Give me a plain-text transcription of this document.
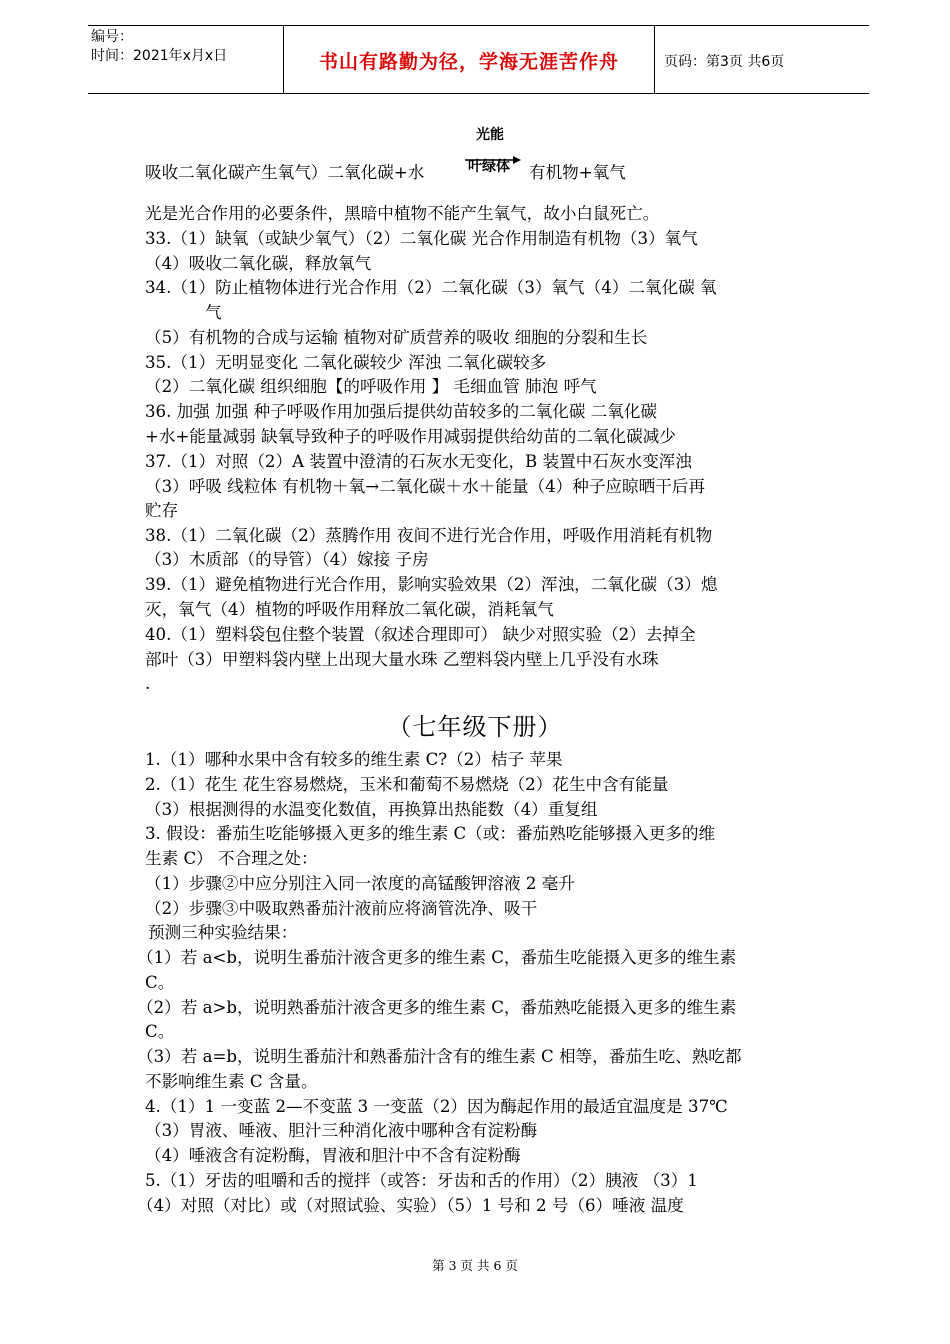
编号：
时间：2021年x月x日	书山有路勤为径，学海无涯苦作舟	页码：第3页 共6页
吸收二氧化碳产生氧气）二氧化碳+水
光能
叶绿体 有机物+氧气
光是光合作用的必要条件，黑暗中植物不能产生氧气，故小白鼠死亡。
33.（1）缺氧（或缺少氧气）（2）二氧化碳 光合作用制造有机物（3）氧气
（4）吸收二氧化碳，释放氧气
34.（1）防止植物体进行光合作用（2）二氧化碳（3）氧气（4）二氧化碳 氧
气
（5）有机物的合成与运输 植物对矿质营养的吸收 细胞的分裂和生长
35.（1）无明显变化 二氧化碳较少 浑浊 二氧化碳较多
（2）二氧化碳 组织细胞【的呼吸作用 】 毛细血管 肺泡 呼气
36. 加强 加强 种子呼吸作用加强后提供幼苗较多的二氧化碳 二氧化碳
+水+能量减弱 缺氧导致种子的呼吸作用减弱提供给幼苗的二氧化碳减少
37.（1）对照（2）A 装置中澄清的石灰水无变化，B 装置中石灰水变浑浊
（3）呼吸 线粒体 有机物＋氧→二氧化碳＋水＋能量（4）种子应晾晒干后再
贮存
38.（1）二氧化碳（2）蒸腾作用 夜间不进行光合作用，呼吸作用消耗有机物
（3）木质部（的导管）（4）嫁接 子房
39.（1）避免植物进行光合作用，影响实验效果（2）浑浊，二氧化碳（3）熄
灭，氧气（4）植物的呼吸作用释放二氧化碳，消耗氧气
40.（1）塑料袋包住整个装置（叙述合理即可） 缺少对照实验（2）去掉全
部叶（3）甲塑料袋内壁上出现大量水珠 乙塑料袋内壁上几乎没有水珠
.
（七年级下册）
1.（1）哪种水果中含有较多的维生素 C?（2）桔子 苹果
2.（1）花生 花生容易燃烧，玉米和葡萄不易燃烧（2）花生中含有能量
（3）根据测得的水温变化数值，再换算出热能数（4）重复组
3. 假设：番茄生吃能够摄入更多的维生素 C（或：番茄熟吃能够摄入更多的维
生素 C） 不合理之处：
（1）步骤②中应分别注入同一浓度的高锰酸钾溶液 2 毫升
（2）步骤③中吸取熟番茄汁液前应将滴管洗净、吸干
预测三种实验结果：
（1）若 a<b，说明生番茄汁液含更多的维生素 C，番茄生吃能摄入更多的维生素
C。
（2）若 a>b，说明熟番茄汁液含更多的维生素 C，番茄熟吃能摄入更多的维生素
C。
（3）若 a=b，说明生番茄汁和熟番茄汁含有的维生素 C 相等，番茄生吃、熟吃都
不影响维生素 C 含量。
4.（1）1 一变蓝 2—不变蓝 3 一变蓝（2）因为酶起作用的最适宜温度是 37℃
（3）胃液、唾液、胆汁三种消化液中哪种含有淀粉酶
（4）唾液含有淀粉酶，胃液和胆汁中不含有淀粉酶
5.（1）牙齿的咀嚼和舌的搅拌（或答：牙齿和舌的作用）（2）胰液 （3）1
（4）对照（对比）或（对照试验、实验）（5）1 号和 2 号（6）唾液 温度
第 3 页 共 6 页
